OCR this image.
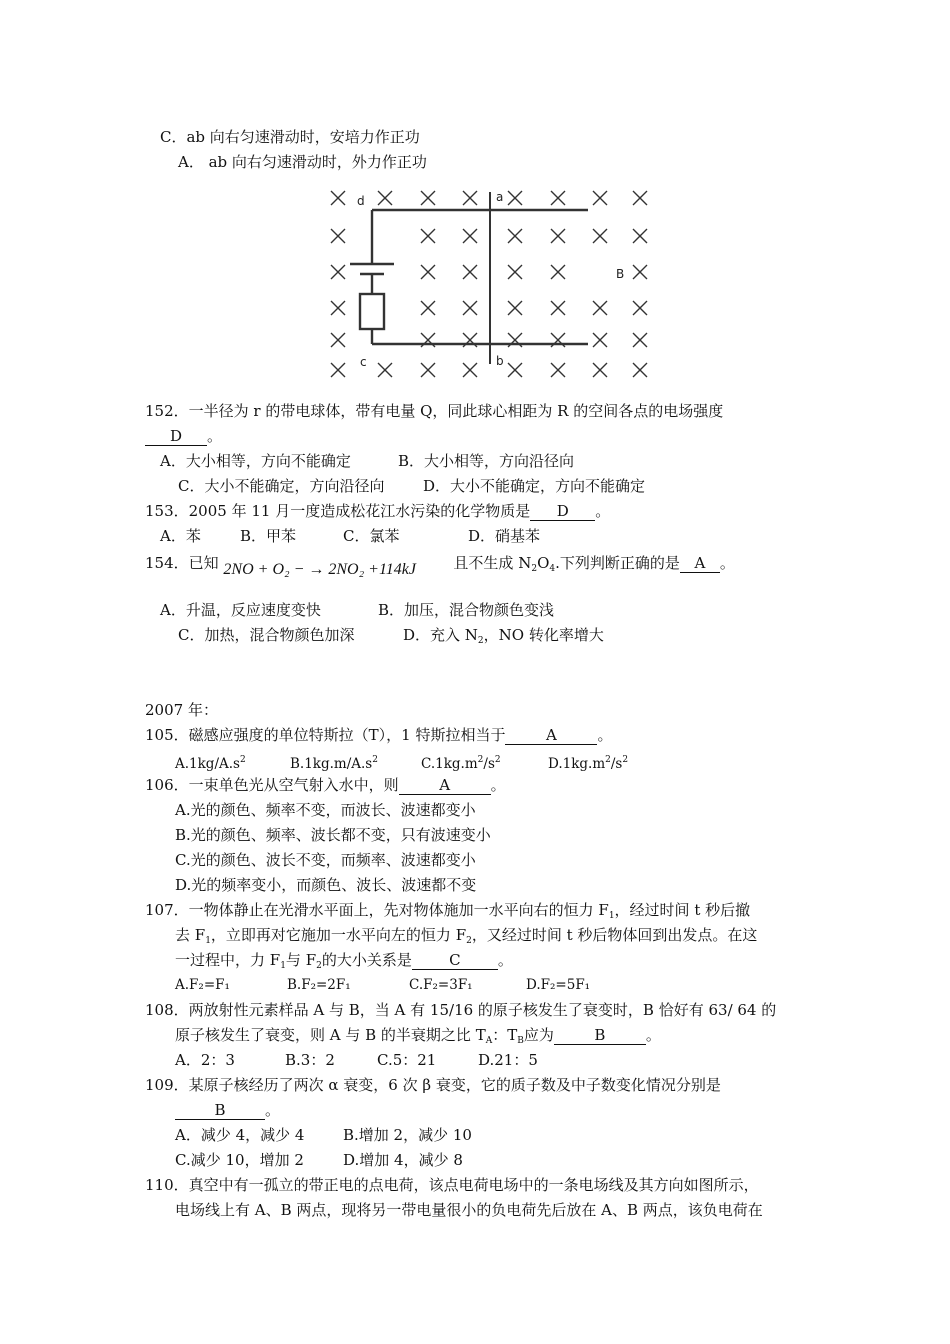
C．ab 向右匀速滑动时，安培力作正功
A． ab 向右匀速滑动时，外力作正功
d	a
c	b
B
152．一半径为 r 的带电球体，带有电量 Q，同此球心相距为 R 的空间各点的电场强度
D 。
A．大小相等，方向不能确定	B．大小相等，方向沿径向
C．大小不能确定，方向沿径向	D．大小不能确定，方向不能确定
153．2005 年 11 月一度造成松花江水污染的化学物质是 D 。
A．苯	B．甲苯	C．氯苯	D．硝基苯
154．已知 2NO + O₂ − → 2NO₂ +114kJ 且不生成 $N_2O_4$.下列判断正确的是 A 。
A．升温，反应速度变快	B．加压，混合物颜色变浅
C．加热，混合物颜色加深	D．充入 $N_2$，NO 转化率增大
2007 年：
105．磁感应强度的单位特斯拉（T），1 特斯拉相当于	A	。
$A.1kg/A.s^2$	$B.1kg.m/A.s^2$	$C.1kg.m^2/s^2$	$D.1kg.m^2/s^2$
106．一束单色光从空气射入水中，则	A	。
A.光的颜色、频率不变，而波长、波速都变小
B.光的颜色、频率、波长都不变，只有波速变小
C.光的颜色、波长不变，而频率、波速都变小
D.光的频率变小，而颜色、波长、波速都不变
107．一物体静止在光滑水平面上，先对物体施加一水平向右的恒力 $F_1$，经过时间 t 秒后撤
去 $F_1$，立即再对它施加一水平向左的恒力 $F_2$，又经过时间 t 秒后物体回到出发点。在这
一过程中，力 $F_1$与 $F_2$的大小关系是 C 。
A.F₂=F₁	B.F₂=2F₁	C.F₂=3F₁	D.F₂=5F₁
108．两放射性元素样品 A 与 B，当 A 有 15/16 的原子核发生了衰变时，B 恰好有 63/ 64 的
原子核发生了衰变，则 A 与 B 的半衰期之比 $T_A$：$T_B$应为	B	。
A．2：3	B.3：2	C.5：21	D.21：5
109．某原子核经历了两次 α 衰变，6 次 β 衰变，它的质子数及中子数变化情况分别是
B	。
A．减少 4，减少 4	B.增加 2，减少 10
C.减少 10，增加 2	D.增加 4，减少 8
110．真空中有一孤立的带正电的点电荷，该点电荷电场中的一条电场线及其方向如图所示，
电场线上有 A、B 两点，现将另一带电量很小的负电荷先后放在 A、B 两点，该负电荷在
